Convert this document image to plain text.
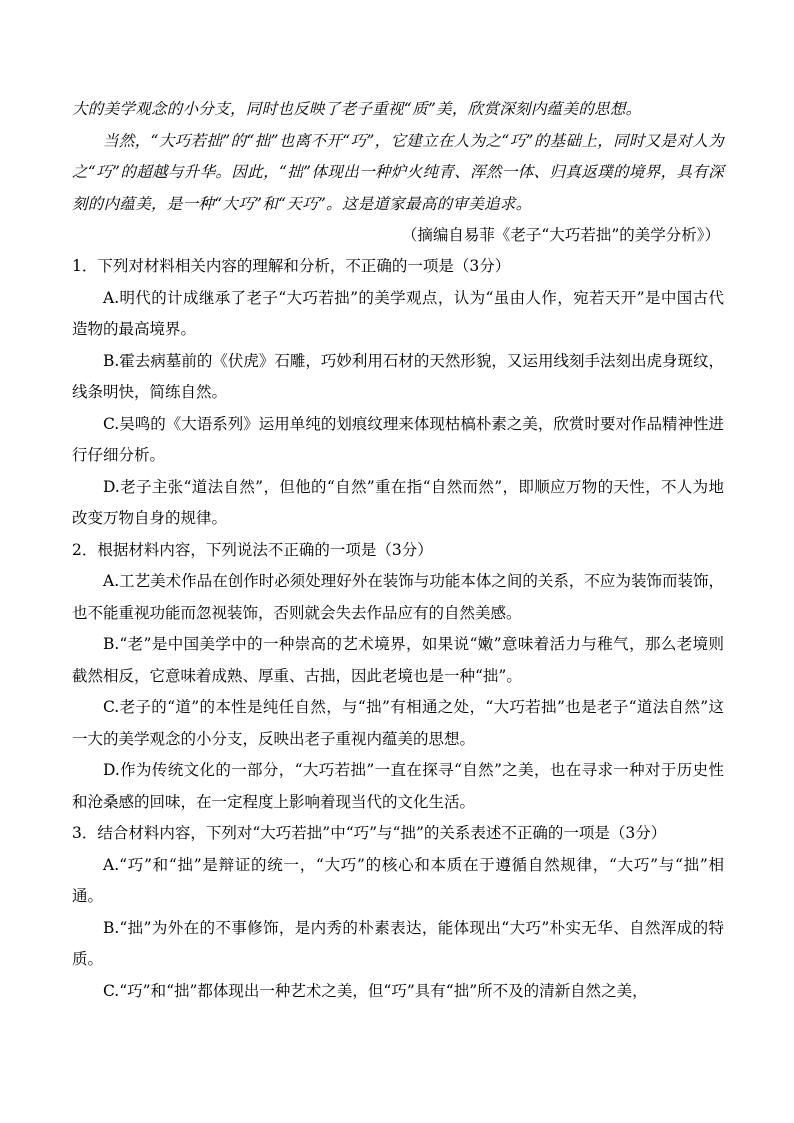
大的美学观念的小分支，同时也反映了老子重视“质”美，欣赏深刻内蕴美的思想。

当然，“大巧若拙”的“拙”也离不开“巧”，它建立在人为之“巧”的基础上，同时又是对人为之“巧”的超越与升华。因此，“拙”体现出一种炉火纯青、浑然一体、归真返璞的境界，具有深刻的内蕴美，是一种“大巧”和“天巧”。这是道家最高的审美追求。

（摘编自易菲《老子“大巧若拙”的美学分析》）

1．下列对材料相关内容的理解和分析，不正确的一项是（3分）

A.明代的计成继承了老子“大巧若拙”的美学观点，认为“虽由人作，宛若天开”是中国古代造物的最高境界。

B.霍去病墓前的《伏虎》石雕，巧妙利用石材的天然形貌，又运用线刻手法刻出虎身斑纹，线条明快，简练自然。

C.吴鸣的《大语系列》运用单纯的划痕纹理来体现枯槁朴素之美，欣赏时要对作品精神性进行仔细分析。

D.老子主张“道法自然”，但他的“自然”重在指“自然而然”，即顺应万物的天性，不人为地改变万物自身的规律。

2．根据材料内容，下列说法不正确的一项是（3分）

A.工艺美术作品在创作时必须处理好外在装饰与功能本体之间的关系，不应为装饰而装饰，也不能重视功能而忽视装饰，否则就会失去作品应有的自然美感。

B.“老”是中国美学中的一种崇高的艺术境界，如果说“嫩”意味着活力与稚气，那么老境则截然相反，它意味着成熟、厚重、古拙，因此老境也是一种“拙”。

C.老子的“道”的本性是纯任自然，与“拙”有相通之处，“大巧若拙”也是老子“道法自然”这一大的美学观念的小分支，反映出老子重视内蕴美的思想。

D.作为传统文化的一部分，“大巧若拙”一直在探寻“自然”之美，也在寻求一种对于历史性和沧桑感的回味，在一定程度上影响着现当代的文化生活。

3．结合材料内容，下列对“大巧若拙”中“巧”与“拙”的关系表述不正确的一项是（3分）

A.“巧”和“拙”是辩证的统一，“大巧”的核心和本质在于遵循自然规律，“大巧”与“拙”相通。

B.“拙”为外在的不事修饰，是内秀的朴素表达，能体现出“大巧”朴实无华、自然浑成的特质。

C.“巧”和“拙”都体现出一种艺术之美，但“巧”具有“拙”所不及的清新自然之美，
